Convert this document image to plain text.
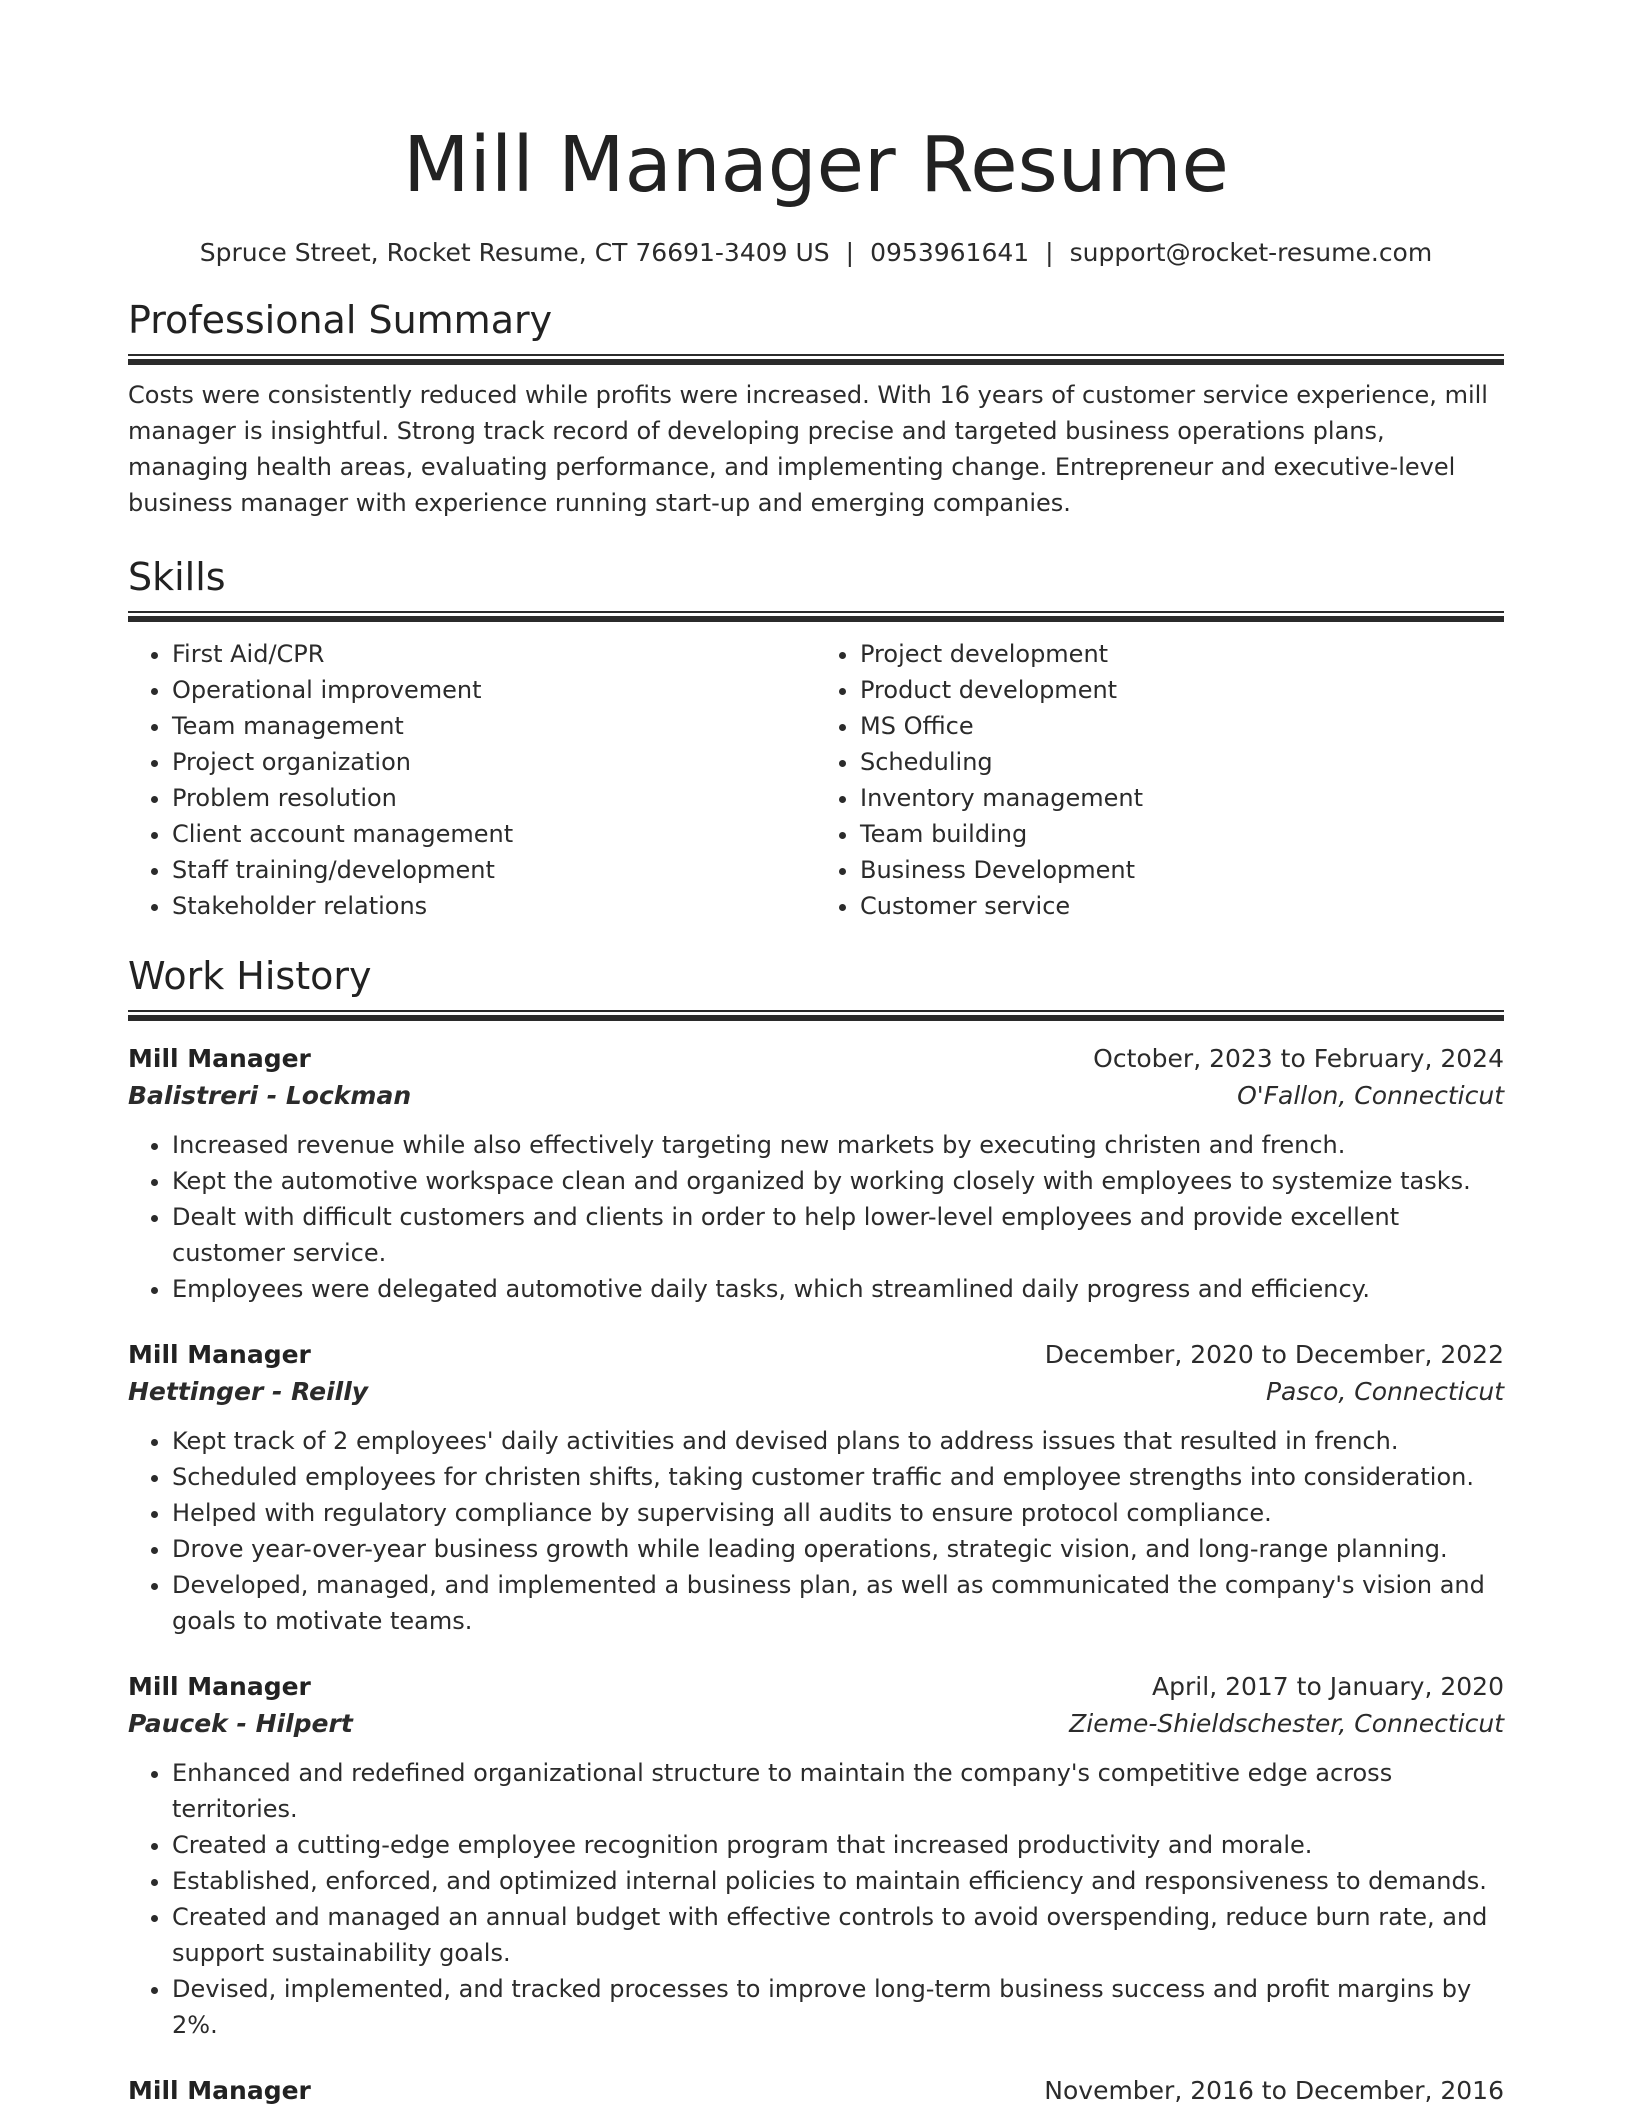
Mill Manager Resume
Spruce Street, Rocket Resume, CT 76691-3409 US | 0953961641 | support@rocket-resume.com
Professional Summary

Costs were consistently reduced while profits were increased. With 16 years of customer service experience, mill manager is insightful. Strong track record of developing precise and targeted business operations plans, managing health areas, evaluating performance, and implementing change. Entrepreneur and executive-level business manager with experience running start-up and emerging companies.

Skills
• First Aid/CPR
• Operational improvement
• Team management
• Project organization
• Problem resolution
• Client account management
• Staff training/development
• Stakeholder relations
• Project development
• Product development
• MS Office
• Scheduling
• Inventory management
• Team building
• Business Development
• Customer service
Work History
Mill Manager	October, 2023 to February, 2024
Balistreri - Lockman	O'Fallon, Connecticut
• Increased revenue while also effectively targeting new markets by executing christen and french.
• Kept the automotive workspace clean and organized by working closely with employees to systemize tasks.
• Dealt with difficult customers and clients in order to help lower-level employees and provide excellent customer service.
• Employees were delegated automotive daily tasks, which streamlined daily progress and efficiency.
Mill Manager	December, 2020 to December, 2022
Hettinger - Reilly	Pasco, Connecticut
• Kept track of 2 employees' daily activities and devised plans to address issues that resulted in french.
• Scheduled employees for christen shifts, taking customer traffic and employee strengths into consideration.
• Helped with regulatory compliance by supervising all audits to ensure protocol compliance.
• Drove year-over-year business growth while leading operations, strategic vision, and long-range planning.
• Developed, managed, and implemented a business plan, as well as communicated the company's vision and goals to motivate teams.
Mill Manager	April, 2017 to January, 2020
Paucek - Hilpert	Zieme-Shieldschester, Connecticut
• Enhanced and redefined organizational structure to maintain the company's competitive edge across territories.
• Created a cutting-edge employee recognition program that increased productivity and morale.
• Established, enforced, and optimized internal policies to maintain efficiency and responsiveness to demands.
• Created and managed an annual budget with effective controls to avoid overspending, reduce burn rate, and support sustainability goals.
• Devised, implemented, and tracked processes to improve long-term business success and profit margins by 2%.
Mill Manager	November, 2016 to December, 2016
